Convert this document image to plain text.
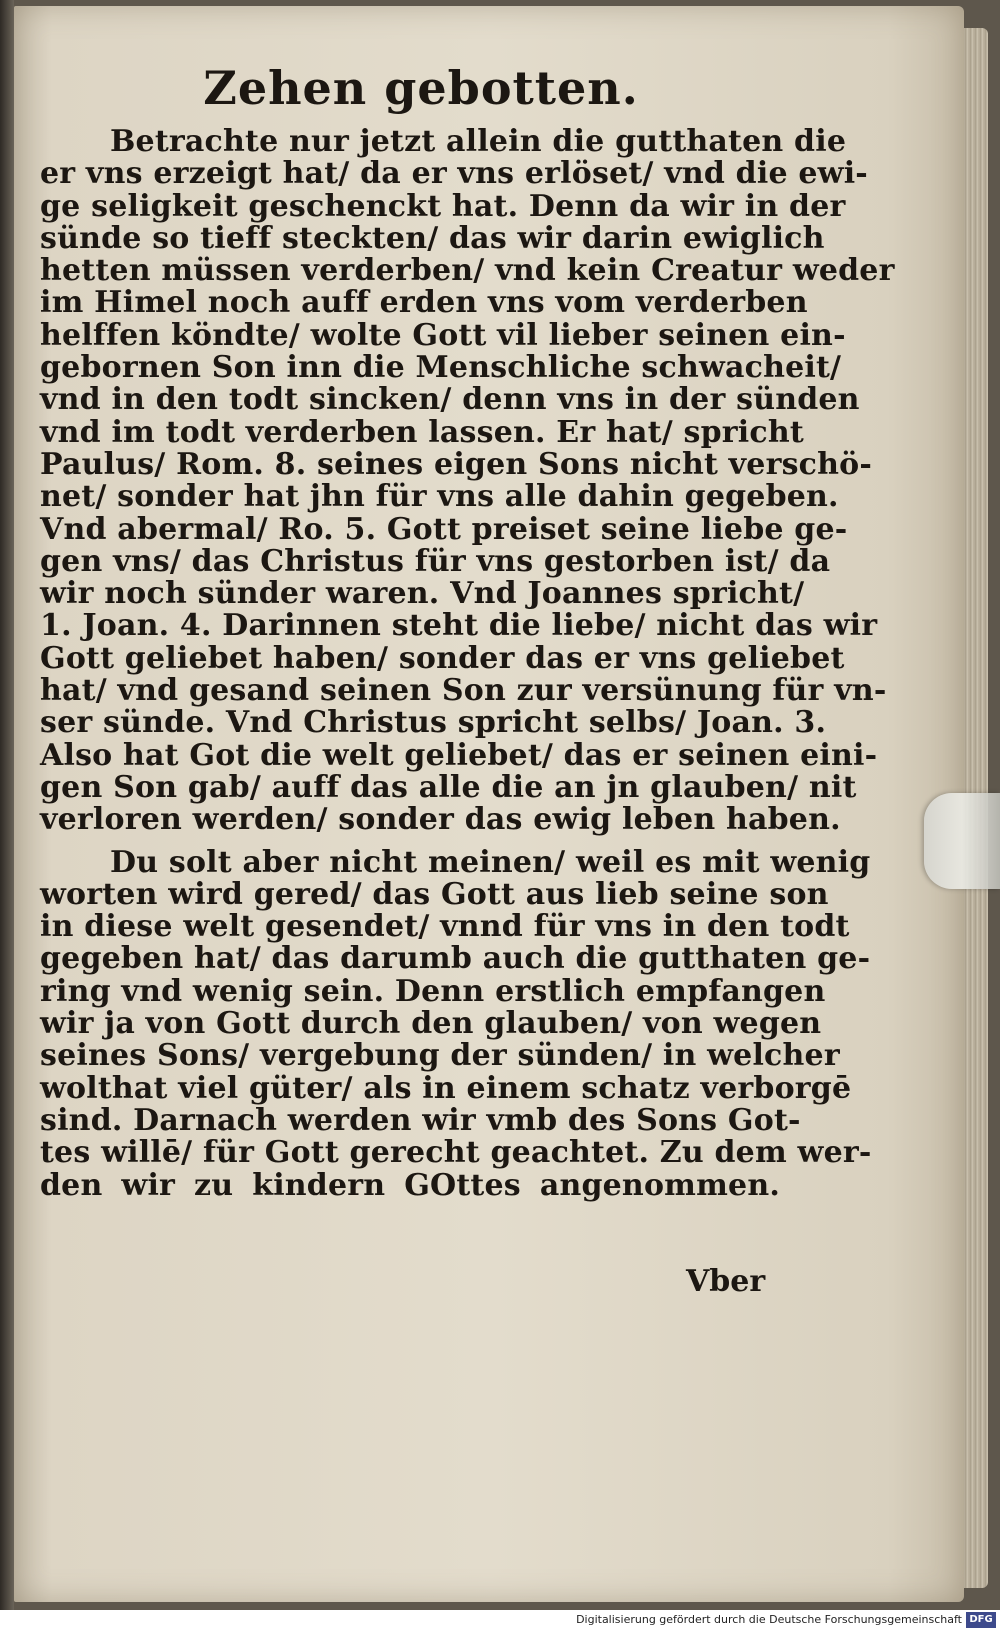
Zehen gebotten.
Betrachte nur jetzt allein die gutthaten die
er vns erzeigt hat/ da er vns erlöset/ vnd die ewi-
ge seligkeit geschenckt hat. Denn da wir in der
sünde so tieff steckten/ das wir darin ewiglich
hetten müssen verderben/ vnd kein Creatur weder
im Himel noch auff erden vns vom verderben
helffen köndte/ wolte Gott vil lieber seinen ein-
gebornen Son inn die Menschliche schwacheit/
vnd in den todt sincken/ denn vns in der sünden
vnd im todt verderben lassen. Er hat/ spricht
Paulus/ Rom. 8. seines eigen Sons nicht verschö-
net/ sonder hat jhn für vns alle dahin gegeben.
Vnd abermal/ Ro. 5. Gott preiset seine liebe ge-
gen vns/ das Christus für vns gestorben ist/ da
wir noch sünder waren. Vnd Joannes spricht/
1. Joan. 4. Darinnen steht die liebe/ nicht das wir
Gott geliebet haben/ sonder das er vns geliebet
hat/ vnd gesand seinen Son zur versünung für vn-
ser sünde. Vnd Christus spricht selbs/ Joan. 3.
Also hat Got die welt geliebet/ das er seinen eini-
gen Son gab/ auff das alle die an jn glauben/ nit
verloren werden/ sonder das ewig leben haben.
Du solt aber nicht meinen/ weil es mit wenig
worten wird gered/ das Gott aus lieb seine son
in diese welt gesendet/ vnnd für vns in den todt
gegeben hat/ das darumb auch die gutthaten ge-
ring vnd wenig sein. Denn erstlich empfangen
wir ja von Gott durch den glauben/ von wegen
seines Sons/ vergebung der sünden/ in welcher
wolthat viel güter/ als in einem schatz verborgē
sind. Darnach werden wir vmb des Sons Got-
tes willē/ für Gott gerecht geachtet. Zu dem wer-
den wir zu kindern GOttes angenommen.
Vber
Digitalisierung gefördert durch die Deutsche Forschungsgemeinschaft DFG
